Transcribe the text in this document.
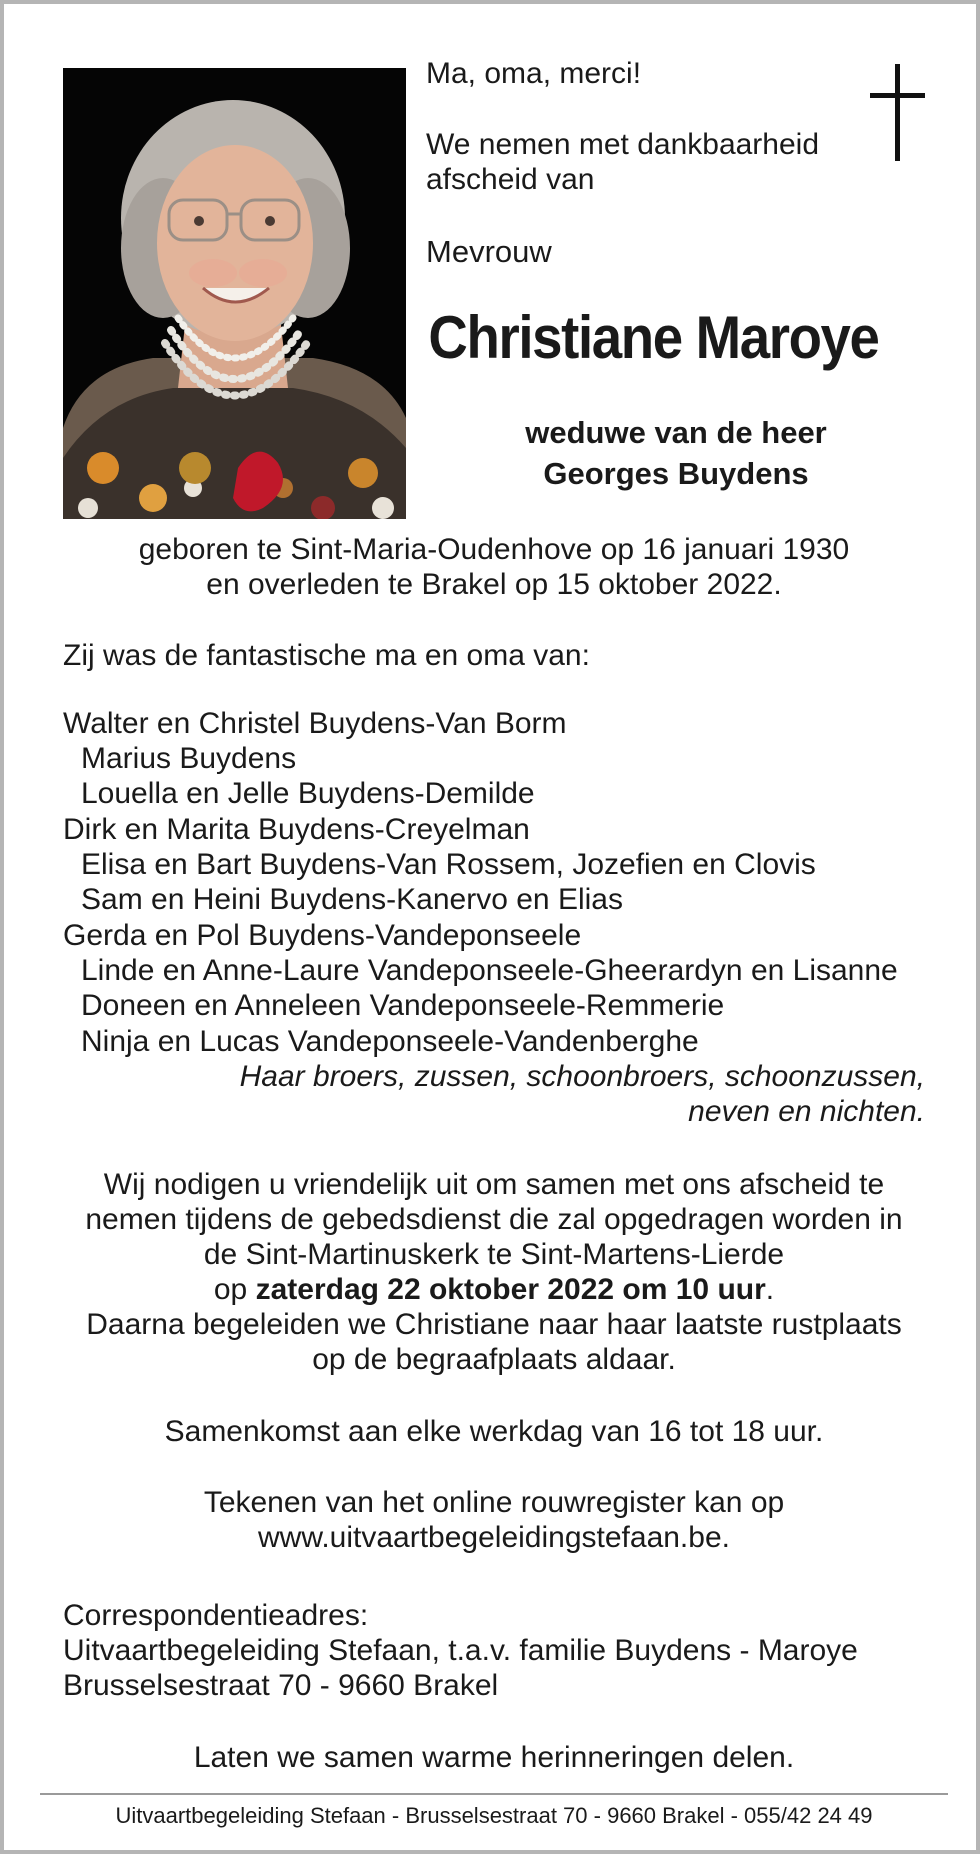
Ma, oma, merci!

We nemen met dankbaarheid
afscheid van

Mevrouw

Christiane Maroye

weduwe van de heer
Georges Buydens

geboren te Sint-Maria-Oudenhove op 16 januari 1930
en overleden te Brakel op 15 oktober 2022.

Zij was de fantastische ma en oma van:

Walter en Christel Buydens-Van Borm

Marius Buydens

Louella en Jelle Buydens-Demilde

Dirk en Marita Buydens-Creyelman

Elisa en Bart Buydens-Van Rossem, Jozefien en Clovis

Sam en Heini Buydens-Kanervo en Elias

Gerda en Pol Buydens-Vandeponseele

Linde en Anne-Laure Vandeponseele-Gheerardyn en Lisanne

Doneen en Anneleen Vandeponseele-Remmerie

Ninja en Lucas Vandeponseele-Vandenberghe

Haar broers, zussen, schoonbroers, schoonzussen,
neven en nichten.

Wij nodigen u vriendelijk uit om samen met ons afscheid te
nemen tijdens de gebedsdienst die zal opgedragen worden in
de Sint-Martinuskerk te Sint-Martens-Lierde
op zaterdag 22 oktober 2022 om 10 uur.
Daarna begeleiden we Christiane naar haar laatste rustplaats
op de begraafplaats aldaar.

Samenkomst aan elke werkdag van 16 tot 18 uur.

Tekenen van het online rouwregister kan op
www.uitvaartbegeleidingstefaan.be.

Correspondentieadres:
Uitvaartbegeleiding Stefaan, t.a.v. familie Buydens - Maroye
Brusselsestraat 70 - 9660 Brakel

Laten we samen warme herinneringen delen.

Uitvaartbegeleiding Stefaan - Brusselsestraat 70 - 9660 Brakel - 055/42 24 49
